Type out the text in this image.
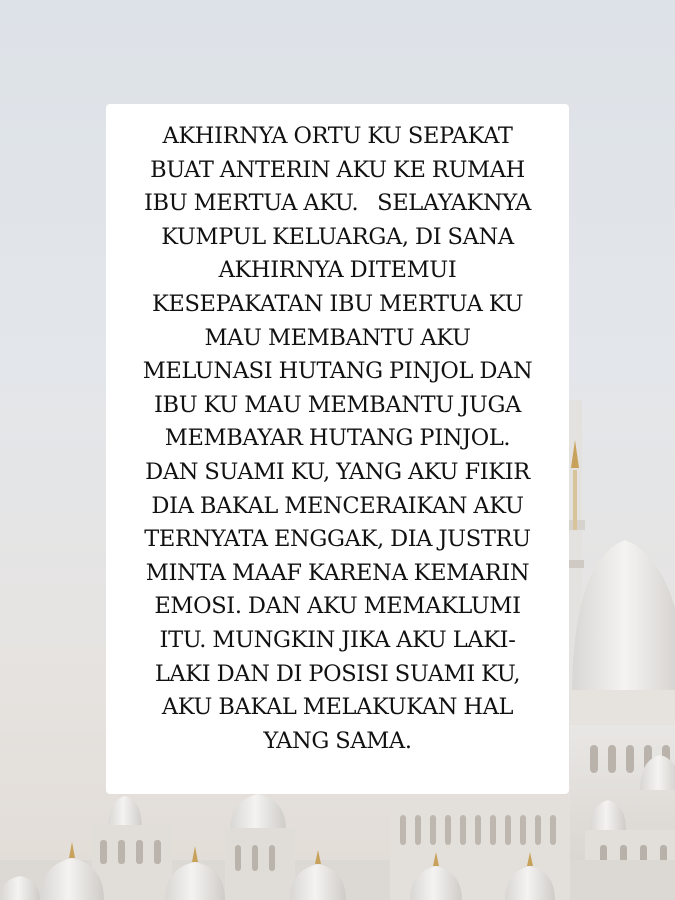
AKHIRNYA ORTU KU SEPAKAT
BUAT ANTERIN AKU KE RUMAH
IBU MERTUA AKU.   SELAYAKNYA
KUMPUL KELUARGA, DI SANA
AKHIRNYA DITEMUI
KESEPAKATAN IBU MERTUA KU
MAU MEMBANTU AKU
MELUNASI HUTANG PINJOL DAN
IBU KU MAU MEMBANTU JUGA
MEMBAYAR HUTANG PINJOL.
DAN SUAMI KU, YANG AKU FIKIR
DIA BAKAL MENCERAIKAN AKU
TERNYATA ENGGAK, DIA JUSTRU
MINTA MAAF KARENA KEMARIN
EMOSI. DAN AKU MEMAKLUMI
ITU. MUNGKIN JIKA AKU LAKI-
LAKI DAN DI POSISI SUAMI KU,
AKU BAKAL MELAKUKAN HAL
YANG SAMA.
